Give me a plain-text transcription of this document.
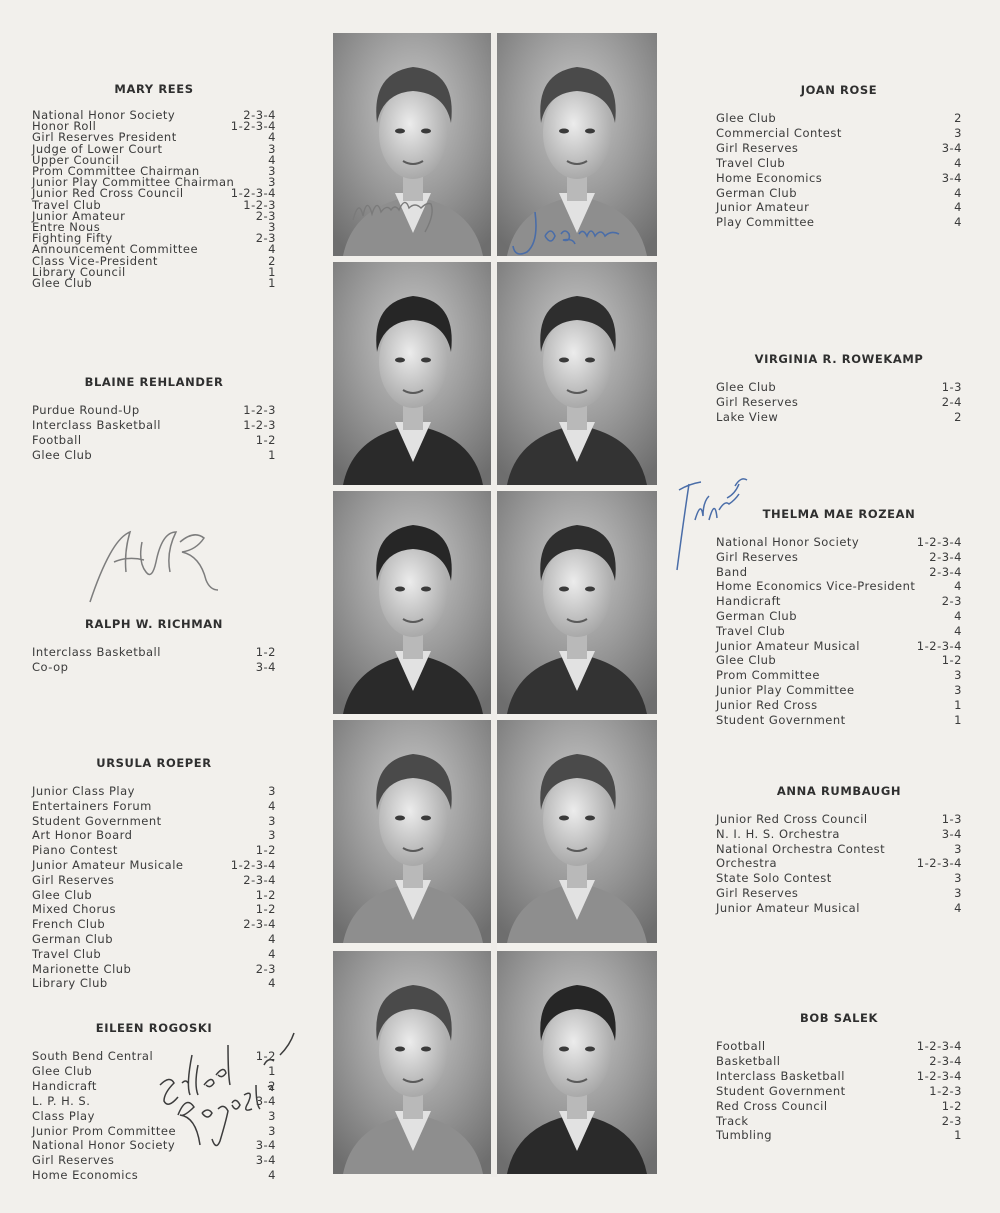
MARY REES
National Honor Society	2-3-4
Honor Roll	1-2-3-4
Girl Reserves President	4
Judge of Lower Court	3
Upper Council	4
Prom Committee Chairman	3
Junior Play Committee Chairman	3
Junior Red Cross Council	1-2-3-4
Travel Club	1-2-3
Junior Amateur	2-3
Entre Nous	3
Fighting Fifty	2-3
Announcement Committee	4
Class Vice-President	2
Library Council	1
Glee Club	1
BLAINE REHLANDER
Purdue Round-Up	1-2-3
Interclass Basketball	1-2-3
Football	1-2
Glee Club	1
RALPH W. RICHMAN
Interclass Basketball	1-2
Co-op	3-4
URSULA ROEPER
Junior Class Play	3
Entertainers Forum	4
Student Government	3
Art Honor Board	3
Piano Contest	1-2
Junior Amateur Musicale	1-2-3-4
Girl Reserves	2-3-4
Glee Club	1-2
Mixed Chorus	1-2
French Club	2-3-4
German Club	4
Travel Club	4
Marionette Club	2-3
Library Club	4
EILEEN ROGOSKI
South Bend Central	1-2
Glee Club	1
Handicraft	2
L. P. H. S.	3-4
Class Play	3
Junior Prom Committee	3
National Honor Society	3-4
Girl Reserves	3-4
Home Economics	4
JOAN ROSE
Glee Club	2
Commercial Contest	3
Girl Reserves	3-4
Travel Club	4
Home Economics	3-4
German Club	4
Junior Amateur	4
Play Committee	4
VIRGINIA R. ROWEKAMP
Glee Club	1-3
Girl Reserves	2-4
Lake View	2
THELMA MAE ROZEAN
National Honor Society	1-2-3-4
Girl Reserves	2-3-4
Band	2-3-4
Home Economics Vice-President	4
Handicraft	2-3
German Club	4
Travel Club	4
Junior Amateur Musical	1-2-3-4
Glee Club	1-2
Prom Committee	3
Junior Play Committee	3
Junior Red Cross	1
Student Government	1
ANNA RUMBAUGH
Junior Red Cross Council	1-3
N. I. H. S. Orchestra	3-4
National Orchestra Contest	3
Orchestra	1-2-3-4
State Solo Contest	3
Girl Reserves	3
Junior Amateur Musical	4
BOB SALEK
Football	1-2-3-4
Basketball	2-3-4
Interclass Basketball	1-2-3-4
Student Government	1-2-3
Red Cross Council	1-2
Track	2-3
Tumbling	1
